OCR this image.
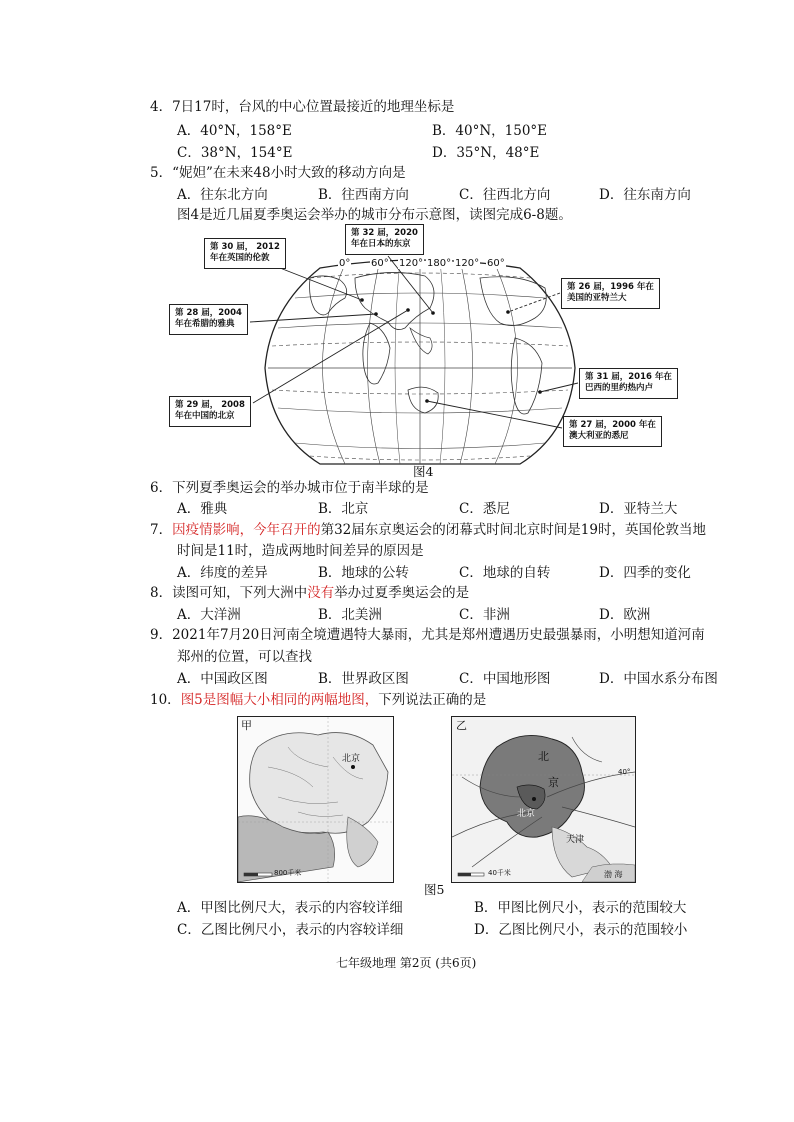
4．7日17时，台风的中心位置最接近的地理坐标是
A．40°N，158°E	B．40°N，150°E
C．38°N，154°E	D．35°N，48°E
5．“妮妲”在未来48小时大致的移动方向是
A．往东北方向	B．往西南方向	C．往西北方向	D．往东南方向
图4是近几届夏季奥运会举办的城市分布示意图，读图完成6-8题。
0° 60° 120° 180° 120° 60°
第 30 届， 2012
年在英国的伦敦
第 32 届，2020
年在日本的东京
第 26 届，1996 年在
美国的亚特兰大
第 28 届，2004
年在希腊的雅典
第 31 届，2016 年在
巴西的里约热内卢
第 29 届， 2008
年在中国的北京
第 27 届，2000 年在
澳大利亚的悉尼
图4
6．下列夏季奥运会的举办城市位于南半球的是
A．雅典	B．北京	C．悉尼	D．亚特兰大
7．因疫情影响，今年召开的第32届东京奥运会的闭幕式时间北京时间是19时，英国伦敦当地
时间是11时，造成两地时间差异的原因是
A．纬度的差异	B．地球的公转	C．地球的自转	D．四季的变化
8．读图可知，下列大洲中没有举办过夏季奥运会的是
A．大洋洲	B．北美洲	C．非洲	D．欧洲
9．2021年7月20日河南全境遭遇特大暴雨，尤其是郑州遭遇历史最强暴雨，小明想知道河南
郑州的位置，可以查找
A．中国政区图	B．世界政区图	C．中国地形图	D．中国水系分布图
10．图5是图幅大小相同的两幅地图，下列说法正确的是
甲
北京
800千米
乙
北
京
北京
天津
渤 海
40千米
40°
图5
A．甲图比例尺大，表示的内容较详细	B．甲图比例尺小，表示的范围较大
C．乙图比例尺小，表示的内容较详细	D．乙图比例尺小，表示的范围较小
七年级地理 第2页 (共6页)
